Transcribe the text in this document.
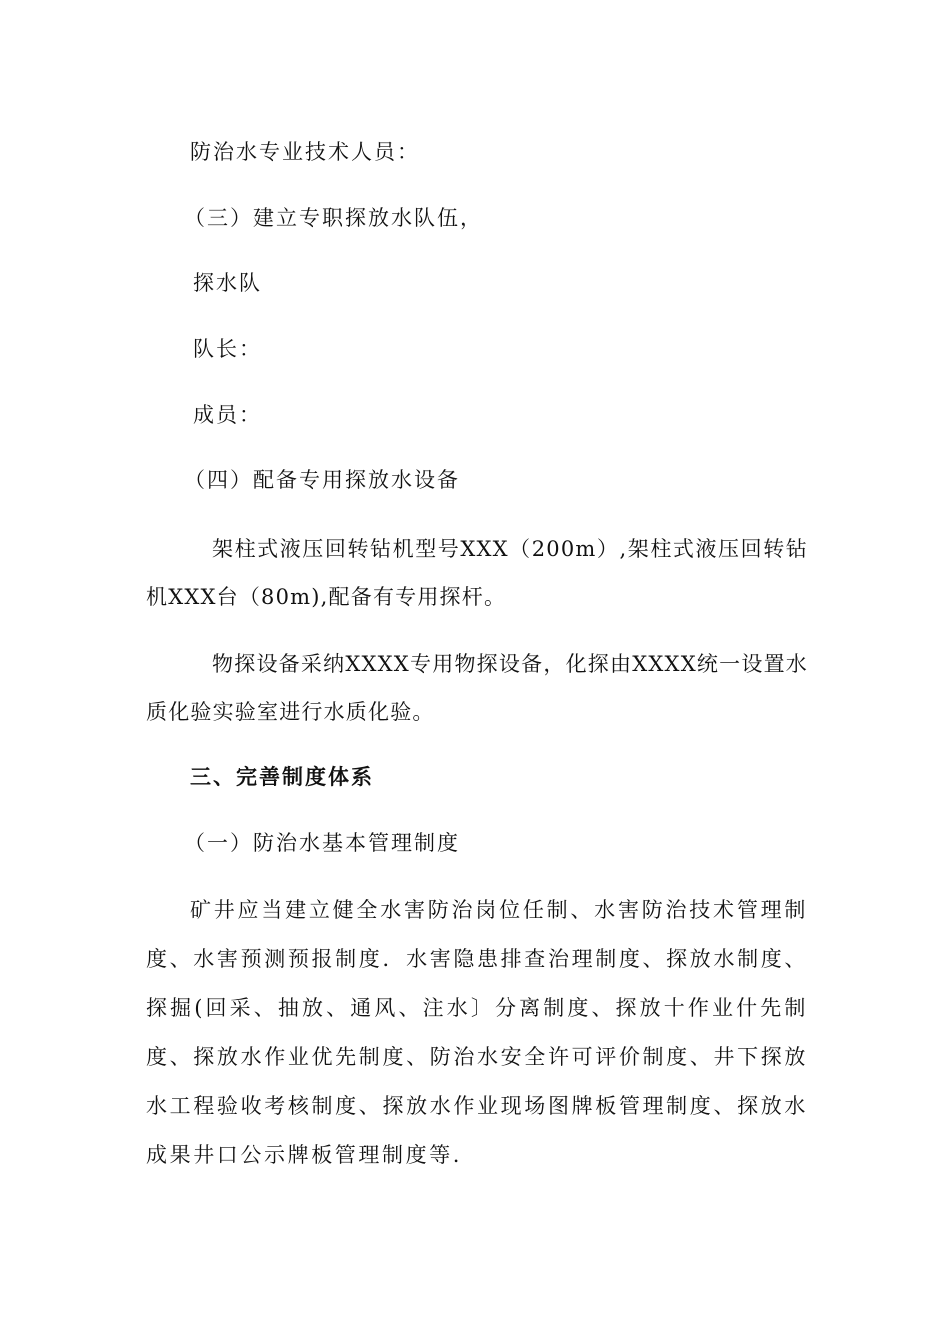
防治水专业技术人员：

（三）建立专职探放水队伍，

探水队

队长：

成员：

（四）配备专用探放水设备

架柱式液压回转钻机型号XXX（200m）,架柱式液压回转钻机XXX台（80m),配备有专用探杆。

物探设备采纳XXXX专用物探设备，化探由XXXX统一设置水质化验实验室进行水质化验。

三、完善制度体系

（一）防治水基本管理制度

矿井应当建立健全水害防治岗位任制、水害防治技术管理制度、水害预测预报制度．水害隐患排查治理制度、探放水制度、探掘(回采、抽放、通风、注水〕分离制度、探放十作业什先制度、探放水作业优先制度、防治水安全许可评价制度、井下探放水工程验收考核制度、探放水作业现场图牌板管理制度、探放水成果井口公示牌板管理制度等.
